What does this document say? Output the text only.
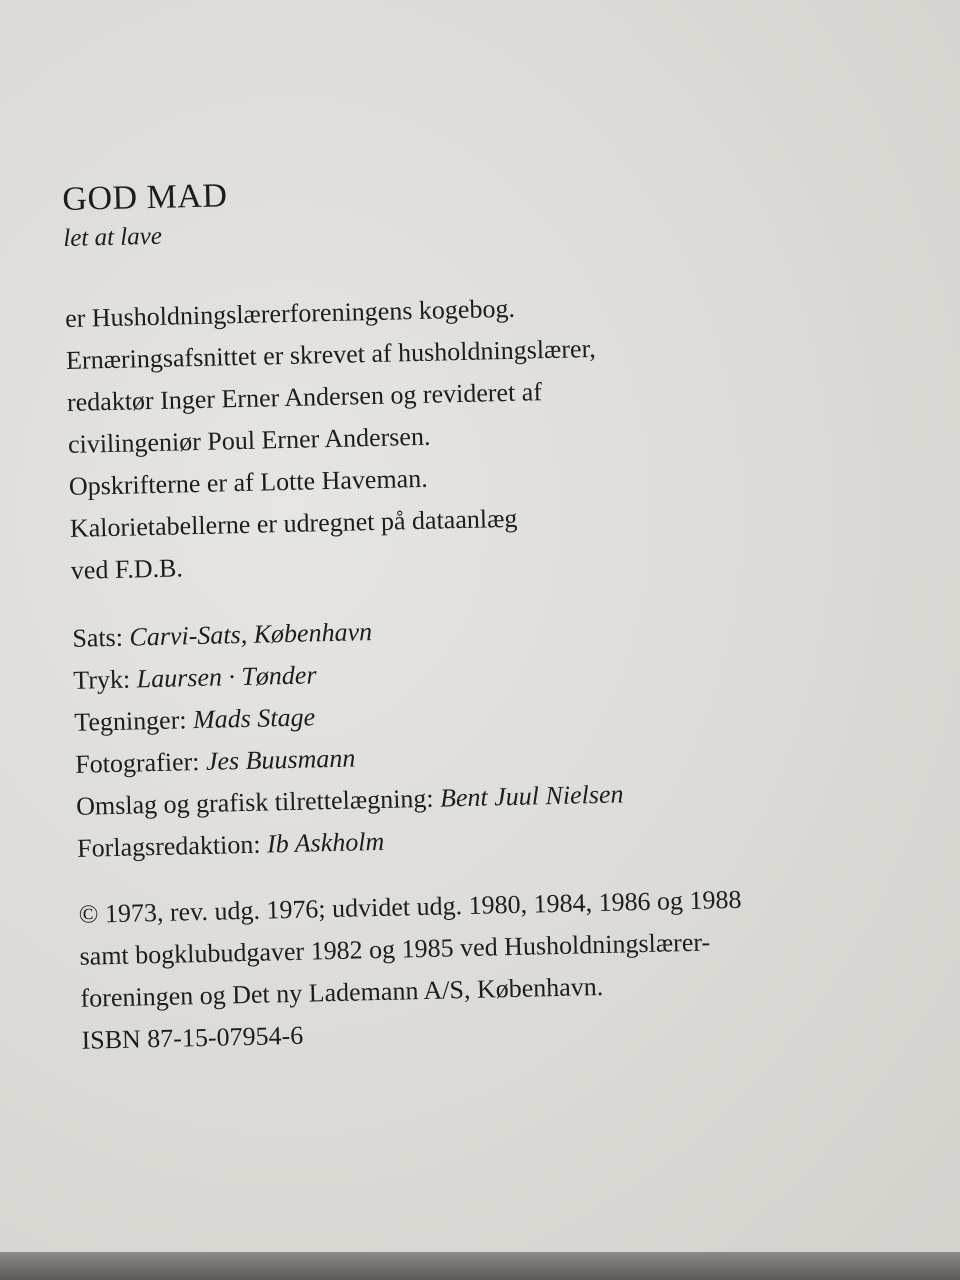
GOD MAD
let at lave
er Husholdningslærerforeningens kogebog.
Ernæringsafsnittet er skrevet af husholdningslærer,
redaktør Inger Erner Andersen og revideret af
civilingeniør Poul Erner Andersen.
Opskrifterne er af Lotte Haveman.
Kalorietabellerne er udregnet på dataanlæg
ved F.D.B.
Sats: Carvi-Sats, København
Tryk: Laursen · Tønder
Tegninger: Mads Stage
Fotografier: Jes Buusmann
Omslag og grafisk tilrettelægning: Bent Juul Nielsen
Forlagsredaktion: Ib Askholm
© 1973, rev. udg. 1976; udvidet udg. 1980, 1984, 1986 og 1988
samt bogklubudgaver 1982 og 1985 ved Husholdningslærer-
foreningen og Det ny Lademann A/S, København.
ISBN 87-15-07954-6
